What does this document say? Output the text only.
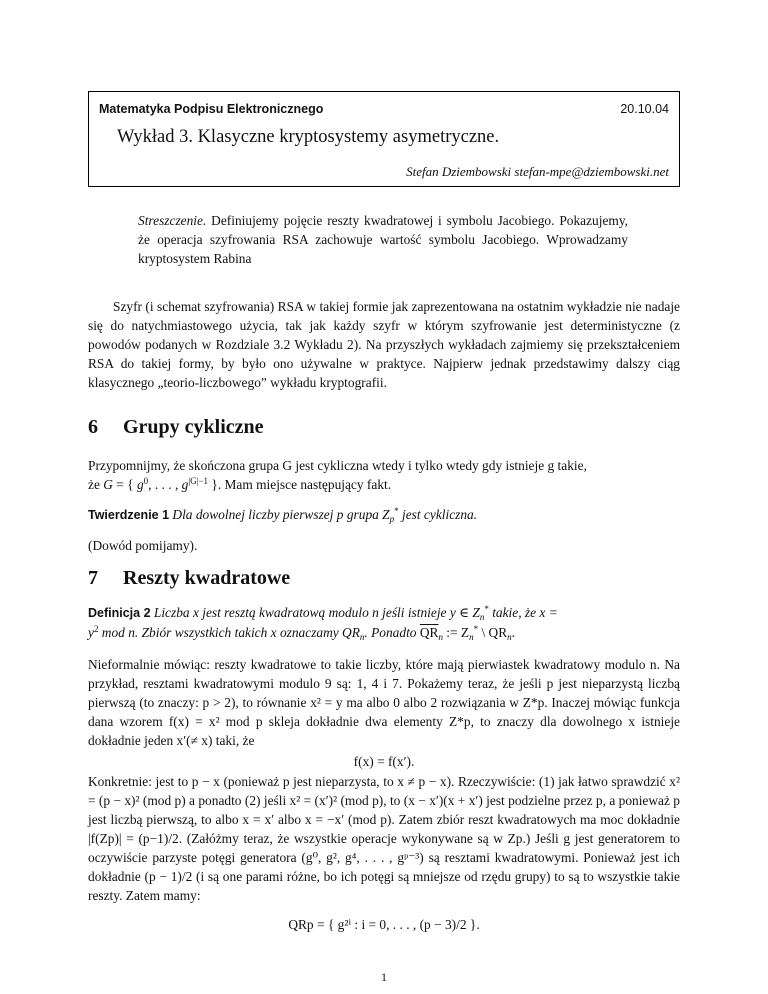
Matematyka Podpisu Elektronicznego	20.10.04
Wykład 3. Klasyczne kryptosystemy asymetryczne.
Stefan Dziembowski stefan-mpe@dziembowski.net
Streszczenie. Definiujemy pojęcie reszty kwadratowej i symbolu Jacobiego. Pokazujemy, że operacja szyfrowania RSA zachowuje wartość symbolu Jacobiego. Wprowadzamy kryptosystem Rabina
Szyfr (i schemat szyfrowania) RSA w takiej formie jak zaprezentowana na ostatnim wykładzie nie nadaje się do natychmiastowego użycia, tak jak każdy szyfr w którym szyfrowanie jest deterministyczne (z powodów podanych w Rozdziale 3.2 Wykładu 2). Na przyszłych wykładach zajmiemy się przekształceniem RSA do takiej formy, by było ono używalne w praktyce. Najpierw jednak przedstawimy dalszy ciąg klasycznego „teorio-liczbowego” wykładu kryptografii.
6 Grupy cykliczne
Przypomnijmy, że skończona grupa G jest cykliczna wtedy i tylko wtedy gdy istnieje g takie,
że G = { $g^0$, . . . , $g^{|G|-1}$ }. Mam miejsce następujący fakt.
Twierdzenie 1 Dla dowolnej liczby pierwszej p grupa $Z_p^*$ jest cykliczna.
(Dowód pomijamy).
7 Reszty kwadratowe
Definicja 2 Liczba x jest resztą kwadratową modulo n jeśli istnieje y ∈ $Z_n^*$ takie, że x =
$y^2$ mod n. Zbiór wszystkich takich x oznaczamy $QR_n$. Ponadto $\overline{QR}_n$ := $Z_n^*$ \ $QR_n$.
Nieformalnie mówiąc: reszty kwadratowe to takie liczby, które mają pierwiastek kwadratowy modulo n. Na przykład, resztami kwadratowymi modulo 9 są: 1, 4 i 7. Pokażemy teraz, że jeśli p jest nieparzystą liczbą pierwszą (to znaczy: p > 2), to równanie x² = y ma albo 0 albo 2 rozwiązania w Z*p. Inaczej mówiąc funkcja dana wzorem f(x) = x² mod p skleja dokładnie dwa elementy Z*p, to znaczy dla dowolnego x istnieje dokładnie jeden x′(≠ x) taki, że
f(x) = f(x′).
Konkretnie: jest to p − x (ponieważ p jest nieparzysta, to x ≠ p − x). Rzeczywiście: (1) jak łatwo sprawdzić x² = (p − x)² (mod p) a ponadto (2) jeśli x² = (x′)² (mod p), to (x − x′)(x + x′) jest podzielne przez p, a ponieważ p jest liczbą pierwszą, to albo x = x′ albo x = −x′ (mod p). Zatem zbiór reszt kwadratowych ma moc dokładnie |f(Zp)| = (p−1)/2. (Załóżmy teraz, że wszystkie operacje wykonywane są w Zp.) Jeśli g jest generatorem to oczywiście parzyste potęgi generatora (g⁰, g², g⁴, . . . , gᵖ⁻³) są resztami kwadratowymi. Ponieważ jest ich dokładnie (p − 1)/2 (i są one parami różne, bo ich potęgi są mniejsze od rzędu grupy) to są to wszystkie takie reszty. Zatem mamy:
QRp = { g²ⁱ : i = 0, . . . , (p − 3)/2 }.
1
